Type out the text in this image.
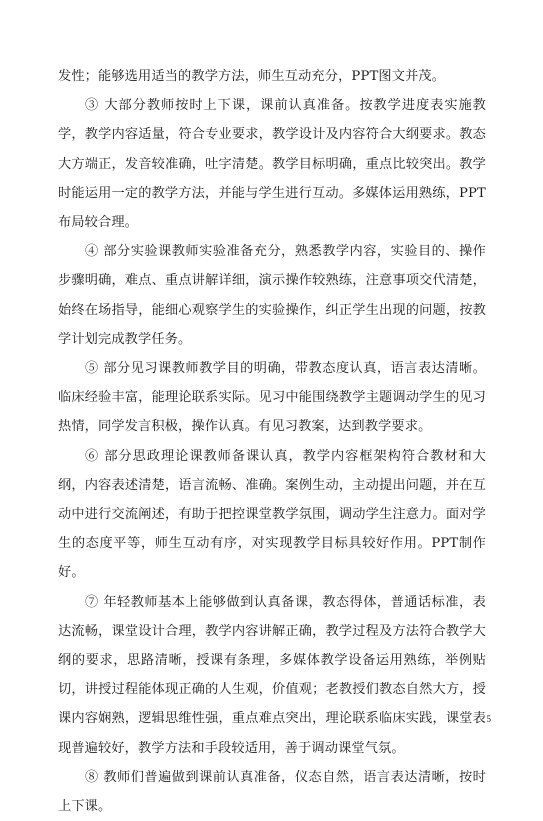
发性；能够选用适当的教学方法，师生互动充分，PPT图文并茂。

③ 大部分教师按时上下课，课前认真准备。按教学进度表实施教学，教学内容适量，符合专业要求，教学设计及内容符合大纲要求。教态大方端正，发音较准确，吐字清楚。教学目标明确，重点比较突出。教学时能运用一定的教学方法，并能与学生进行互动。多媒体运用熟练，PPT布局较合理。

④ 部分实验课教师实验准备充分，熟悉教学内容，实验目的、操作步骤明确，难点、重点讲解详细，演示操作较熟练，注意事项交代清楚，始终在场指导，能细心观察学生的实验操作，纠正学生出现的问题，按教学计划完成教学任务。

⑤ 部分见习课教师教学目的明确，带教态度认真，语言表达清晰。临床经验丰富，能理论联系实际。见习中能围绕教学主题调动学生的见习热情，同学发言积极，操作认真。有见习教案，达到教学要求。

⑥ 部分思政理论课教师备课认真，教学内容框架构符合教材和大纲，内容表述清楚，语言流畅、准确。案例生动，主动提出问题，并在互动中进行交流阐述，有助于把控课堂教学氛围，调动学生注意力。面对学生的态度平等，师生互动有序，对实现教学目标具较好作用。PPT制作好。

⑦ 年轻教师基本上能够做到认真备课，教态得体，普通话标准，表达流畅，课堂设计合理，教学内容讲解正确，教学过程及方法符合教学大纲的要求，思路清晰，授课有条理，多媒体教学设备运用熟练，举例贴切，讲授过程能体现正确的人生观，价值观；老教授们教态自然大方，授课内容娴熟，逻辑思维性强，重点难点突出，理论联系临床实践，课堂表现普遍较好，教学方法和手段较适用，善于调动课堂气氛。

⑧ 教师们普遍做到课前认真准备，仪态自然，语言表达清晰，按时上下课。

5
